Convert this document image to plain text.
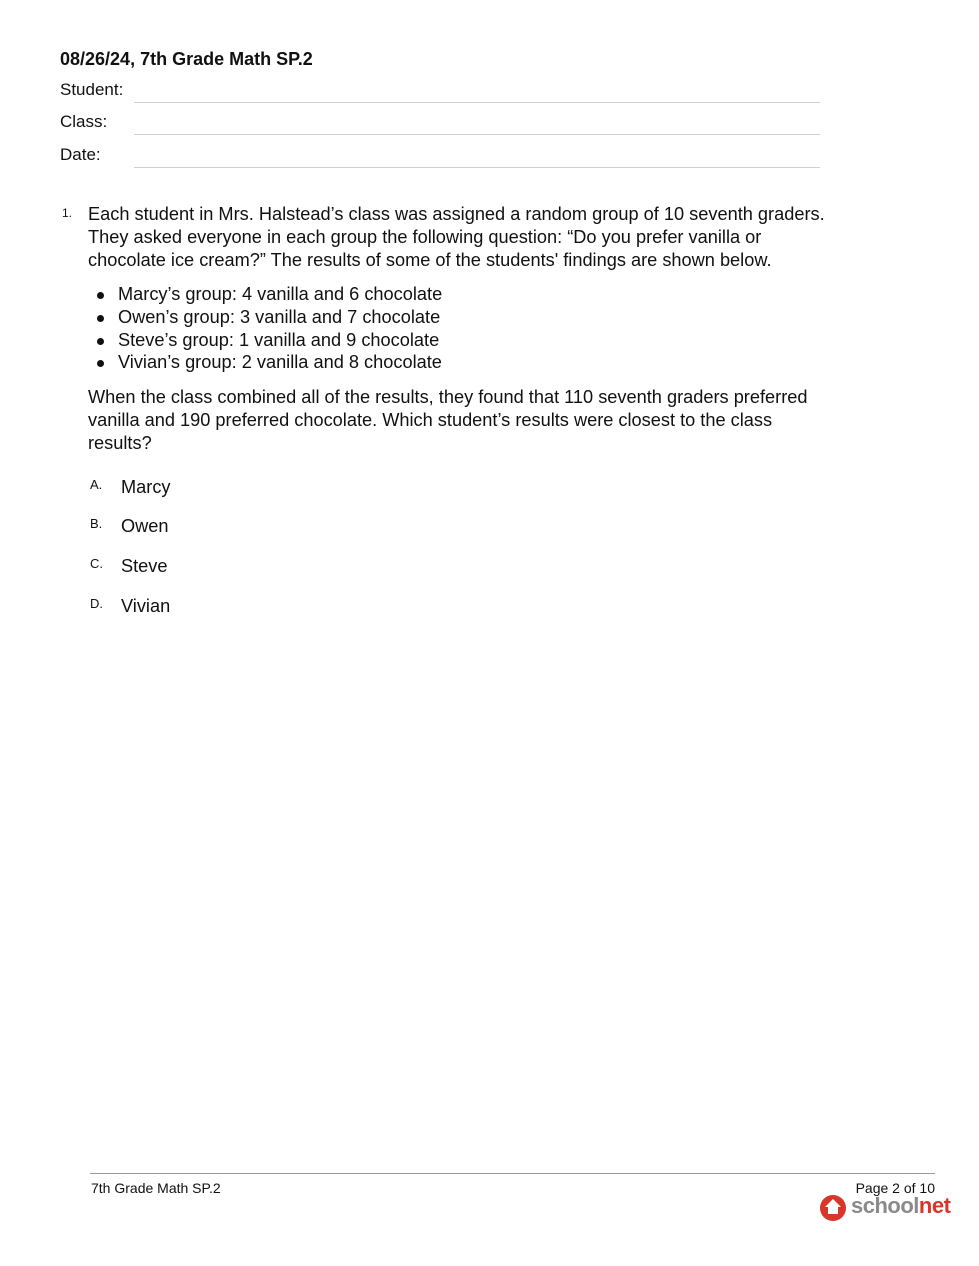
08/26/24, 7th Grade Math SP.2
Student:
Class:
Date:
1. Each student in Mrs. Halstead’s class was assigned a random group of 10 seventh graders. They asked everyone in each group the following question: “Do you prefer vanilla or chocolate ice cream?” The results of some of the students' findings are shown below.

Marcy’s group: 4 vanilla and 6 chocolate
Owen’s group: 3 vanilla and 7 chocolate
Steve’s group: 1 vanilla and 9 chocolate
Vivian’s group: 2 vanilla and 8 chocolate

When the class combined all of the results, they found that 110 seventh graders preferred vanilla and 190 preferred chocolate. Which student’s results were closest to the class results?

A. Marcy
B. Owen
C. Steve
D. Vivian
7th Grade Math SP.2	Page 2 of 10
schoolnet
